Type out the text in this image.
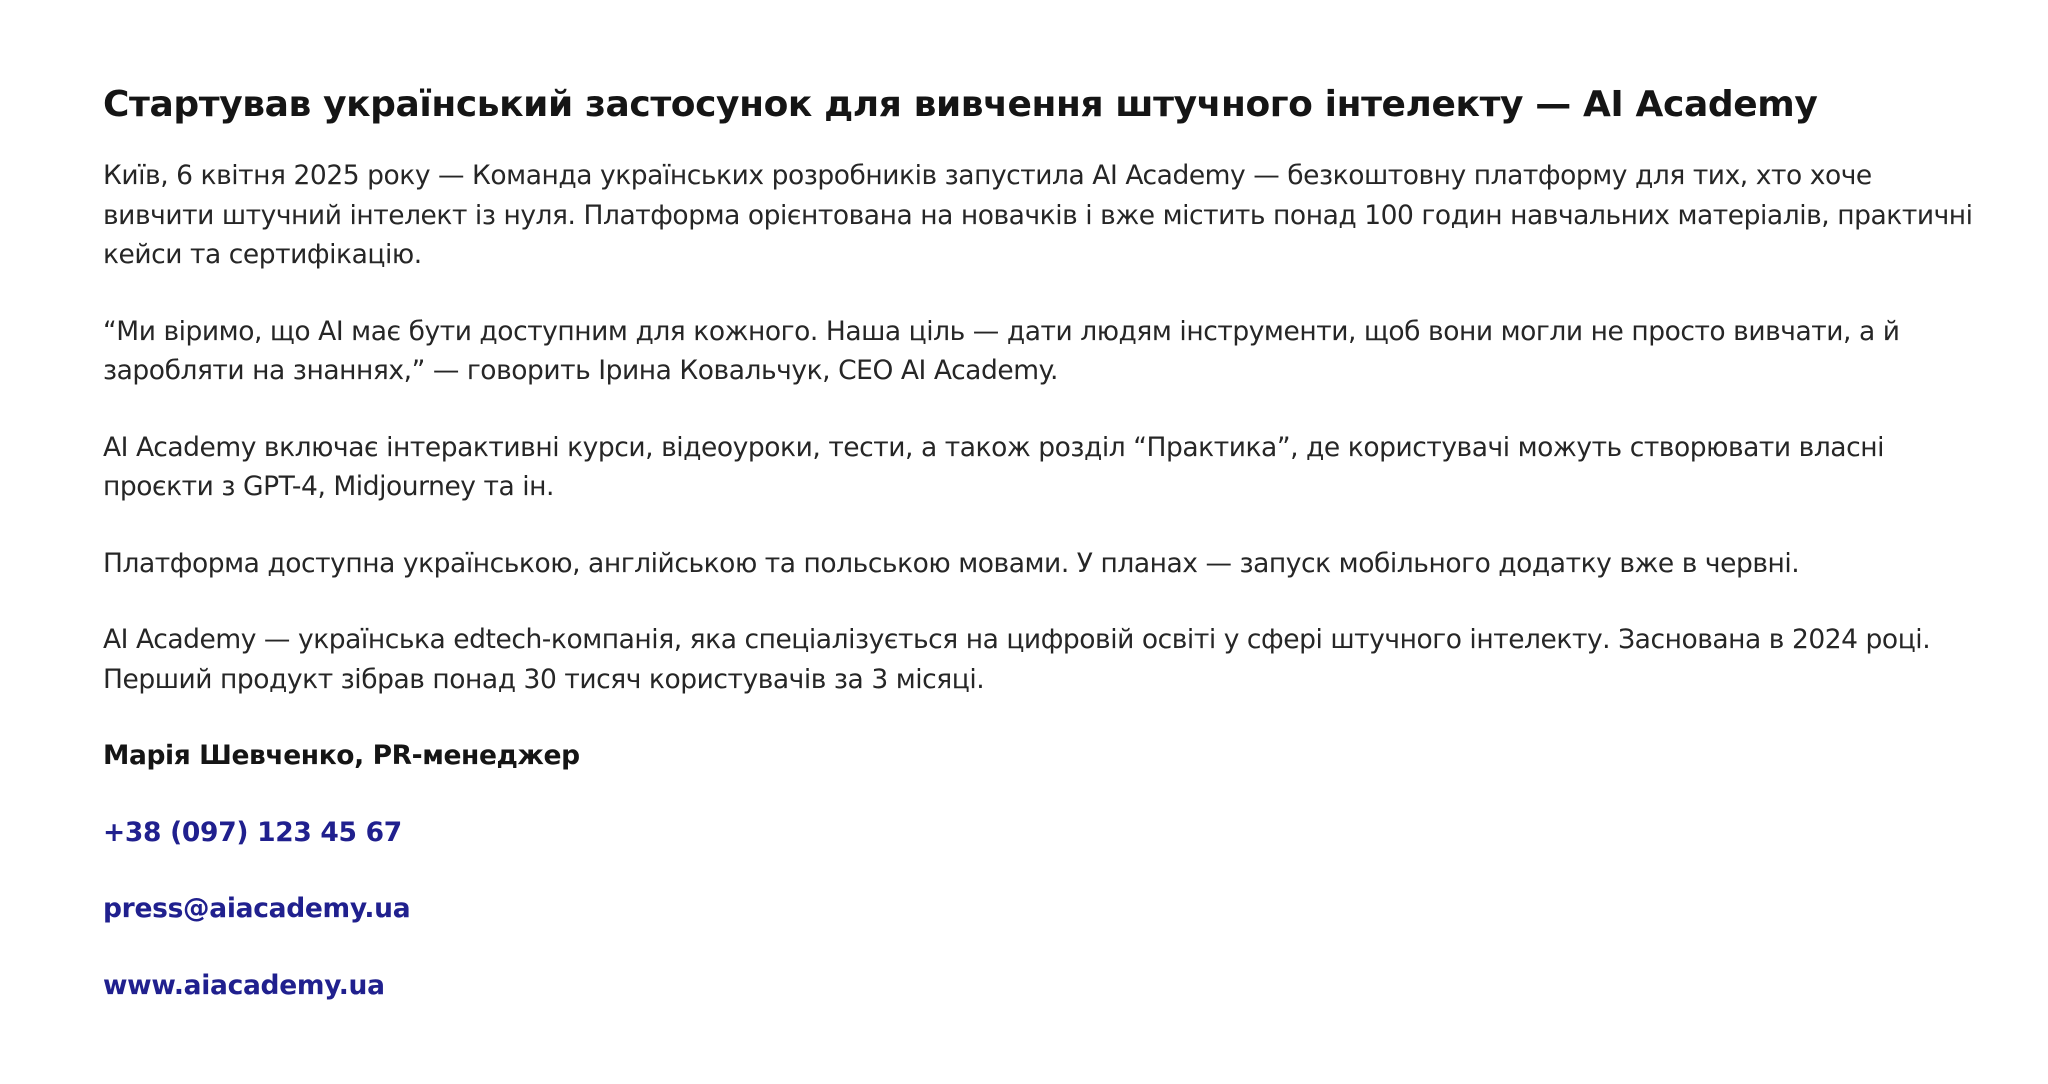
Стартував український застосунок для вивчення штучного інтелекту — AI Academy

Київ, 6 квітня 2025 року — Команда українських розробників запустила AI Academy — безкоштовну платформу для тих, хто хоче вивчити штучний інтелект із нуля. Платформа орієнтована на новачків і вже містить понад 100 годин навчальних матеріалів, практичні кейси та сертифікацію.

“Ми віримо, що AI має бути доступним для кожного. Наша ціль — дати людям інструменти, щоб вони могли не просто вивчати, а й заробляти на знаннях,” — говорить Ірина Ковальчук, CEO AI Academy.

AI Academy включає інтерактивні курси, відеоуроки, тести, а також розділ “Практика”, де користувачі можуть створювати власні проєкти з GPT-4, Midjourney та ін.

Платформа доступна українською, англійською та польською мовами. У планах — запуск мобільного додатку вже в червні.

AI Academy — українська edtech-компанія, яка спеціалізується на цифровій освіті у сфері штучного інтелекту. Заснована в 2024 році. Перший продукт зібрав понад 30 тисяч користувачів за 3 місяці.

Марія Шевченко, PR-менеджер

+38 (097) 123 45 67
press@aiacademy.ua
www.aiacademy.ua
